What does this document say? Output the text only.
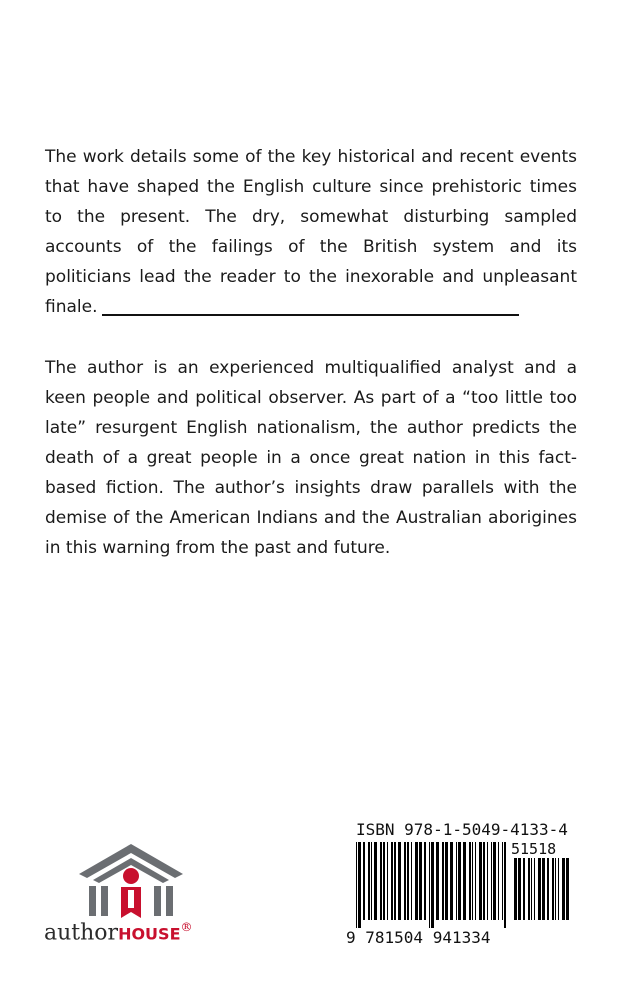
The work details some of the key historical and recent events that have shaped the English culture since prehistoric times to the present. The dry, somewhat disturbing sampled accounts of the failings of the British system and its politicians lead the reader to the inexorable and unpleasant finale.

The author is an experienced multiqualified analyst and a keen people and political observer. As part of a “too little too late” resurgent English nationalism, the author predicts the death of a great people in a once great nation in this fact-based fiction. The author’s insights draw parallels with the demise of the American Indians and the Australian aborigines in this warning from the past and future.

authorHOUSE®
ISBN 978-1-5049-4133-4
51518
9 781504 941334
